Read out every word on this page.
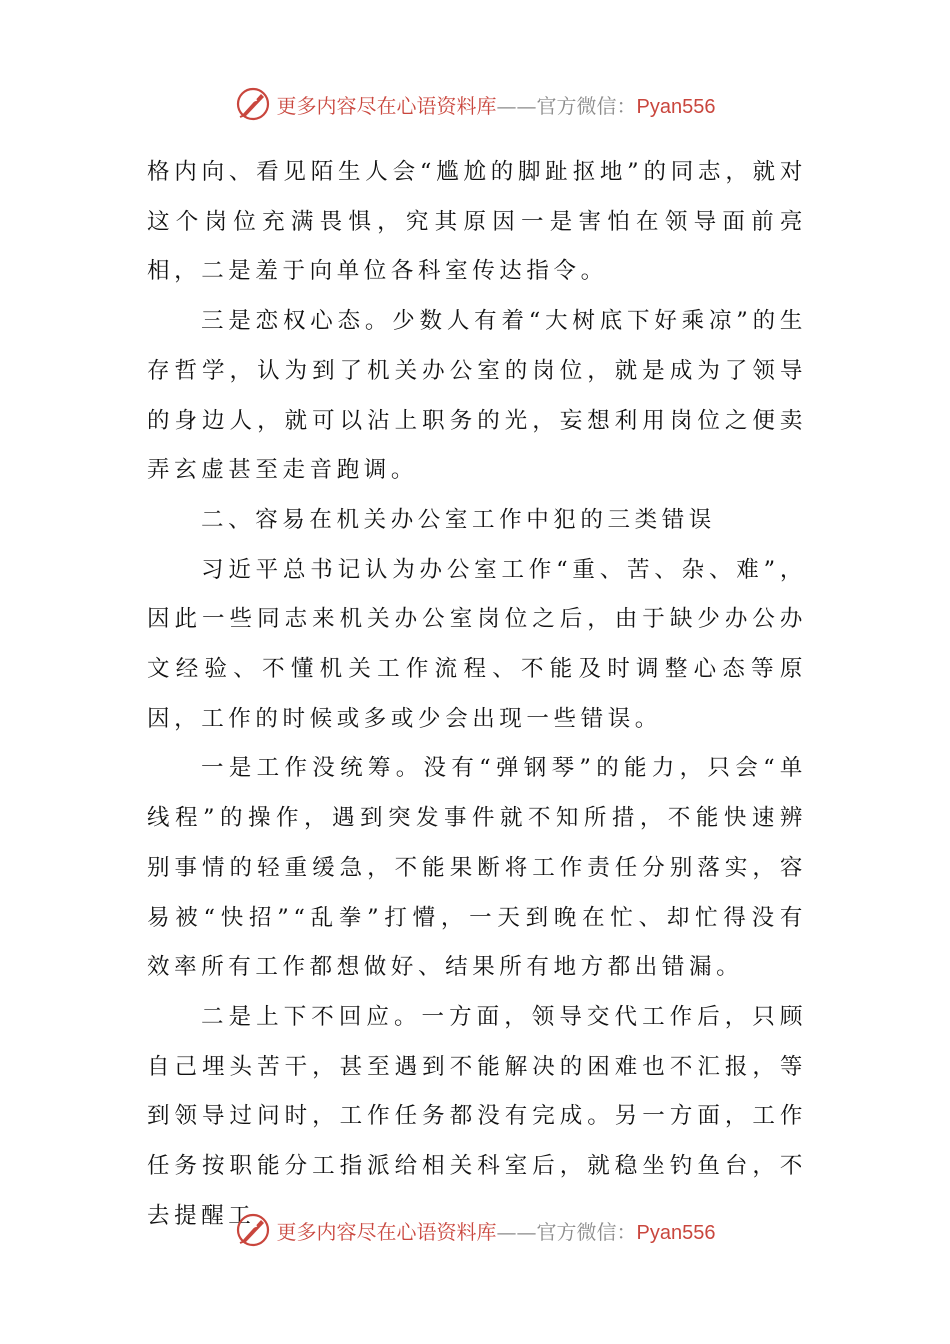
更多内容尽在心语资料库——官方微信：Pyan556

格内向、看见陌生人会“尴尬的脚趾抠地”的同志，就对这个岗位充满畏惧，究其原因一是害怕在领导面前亮相，二是羞于向单位各科室传达指令。

三是恋权心态。少数人有着“大树底下好乘凉”的生存哲学，认为到了机关办公室的岗位，就是成为了领导的身边人，就可以沾上职务的光，妄想利用岗位之便卖弄玄虚甚至走音跑调。

二、容易在机关办公室工作中犯的三类错误

习近平总书记认为办公室工作“重、苦、杂、难”，因此一些同志来机关办公室岗位之后，由于缺少办公办文经验、不懂机关工作流程、不能及时调整心态等原因，工作的时候或多或少会出现一些错误。

一是工作没统筹。没有“弹钢琴”的能力，只会“单线程”的操作，遇到突发事件就不知所措，不能快速辨别事情的轻重缓急，不能果断将工作责任分别落实，容易被“快招”“乱拳”打懵，一天到晚在忙、却忙得没有效率所有工作都想做好、结果所有地方都出错漏。

二是上下不回应。一方面，领导交代工作后，只顾自己埋头苦干，甚至遇到不能解决的困难也不汇报，等到领导过问时，工作任务都没有完成。另一方面，工作任务按职能分工指派给相关科室后，就稳坐钓鱼台，不去提醒工

更多内容尽在心语资料库——官方微信：Pyan556
